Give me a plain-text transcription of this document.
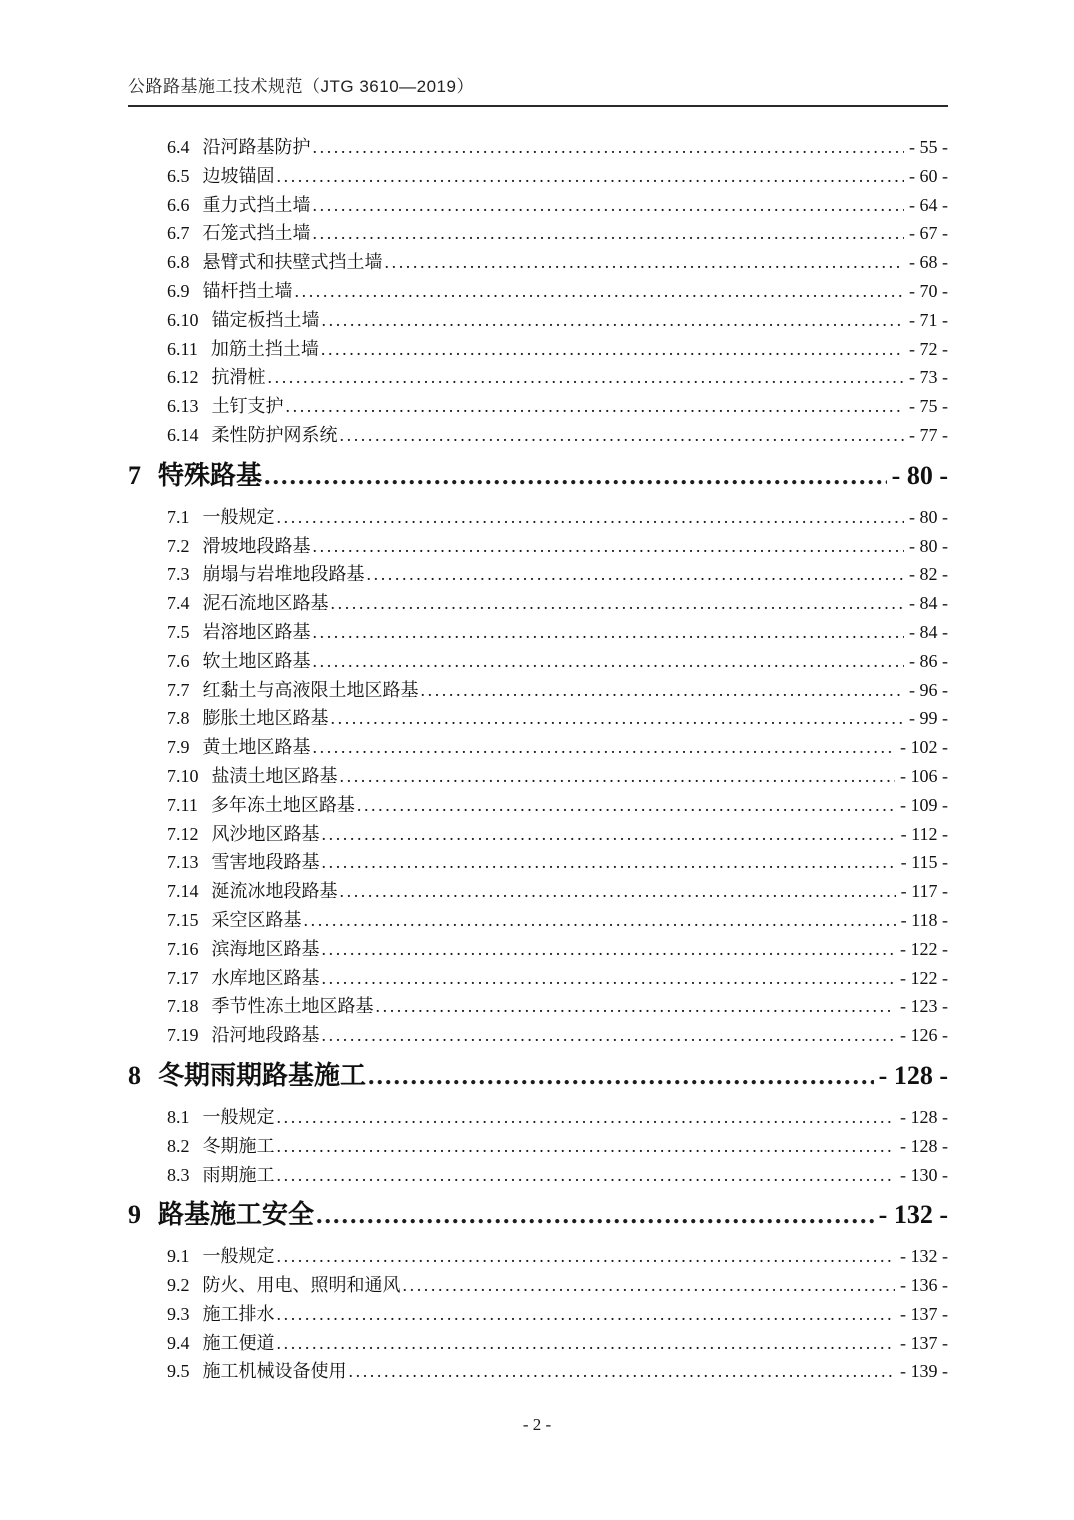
公路路基施工技术规范（JTG 3610—2019）
6.4 沿河路基防护 .....	- 55 -
6.5 边坡锚固 .....	- 60 -
6.6 重力式挡土墙 .....	- 64 -
6.7 石笼式挡土墙 .....	- 67 -
6.8 悬臂式和扶壁式挡土墙 .....	- 68 -
6.9 锚杆挡土墙 .....	- 70 -
6.10 锚定板挡土墙 .....	- 71 -
6.11 加筋土挡土墙 .....	- 72 -
6.12 抗滑桩 .....	- 73 -
6.13 土钉支护 .....	- 75 -
6.14 柔性防护网系统 .....	- 77 -
7 特殊路基 .....	- 80 -
7.1 一般规定 .....	- 80 -
7.2 滑坡地段路基 .....	- 80 -
7.3 崩塌与岩堆地段路基 .....	- 82 -
7.4 泥石流地区路基 .....	- 84 -
7.5 岩溶地区路基 .....	- 84 -
7.6 软土地区路基 .....	- 86 -
7.7 红黏土与高液限土地区路基 .....	- 96 -
7.8 膨胀土地区路基 .....	- 99 -
7.9 黄土地区路基 .....	- 102 -
7.10 盐渍土地区路基 .....	- 106 -
7.11 多年冻土地区路基 .....	- 109 -
7.12 风沙地区路基 .....	- 112 -
7.13 雪害地段路基 .....	- 115 -
7.14 涎流冰地段路基 .....	- 117 -
7.15 采空区路基 .....	- 118 -
7.16 滨海地区路基 .....	- 122 -
7.17 水库地区路基 .....	- 122 -
7.18 季节性冻土地区路基 .....	- 123 -
7.19 沿河地段路基 .....	- 126 -
8 冬期雨期路基施工 .....	- 128 -
8.1 一般规定 .....	- 128 -
8.2 冬期施工 .....	- 128 -
8.3 雨期施工 .....	- 130 -
9 路基施工安全 .....	- 132 -
9.1 一般规定 .....	- 132 -
9.2 防火、用电、照明和通风 .....	- 136 -
9.3 施工排水 .....	- 137 -
9.4 施工便道 .....	- 137 -
9.5 施工机械设备使用 .....	- 139 -
- 2 -
